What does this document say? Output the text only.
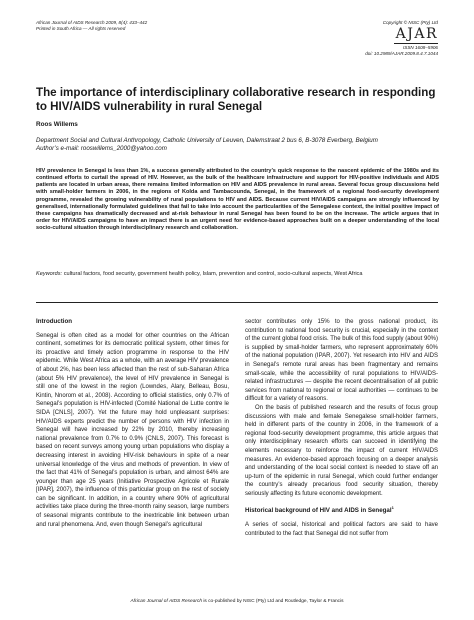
African Journal of AIDS Research 2009, 8(4): 433–442
Printed in South Africa — All rights reserved
Copyright © NISC (Pty) Ltd
AJAR
ISSN 1608–5906
doi: 10.2989/AJAR.2009.8.4.7.1044
The importance of interdisciplinary collaborative research in responding to HIV/AIDS vulnerability in rural Senegal
Roos Willems
Department Social and Cultural Anthropology, Catholic University of Leuven, Dalemstraat 2 bus 6, B-3078 Everberg, Belgium
Author’s e-mail: rooswillems_2000@yahoo.com
HIV prevalence in Senegal is less than 1%, a success generally attributed to the country’s quick response to the nascent epidemic of the 1980s and its continued efforts to curtail the spread of HIV. However, as the bulk of the healthcare infrastructure and support for HIV-positive individuals and AIDS patients are located in urban areas, there remains limited information on HIV and AIDS prevalence in rural areas. Several focus group discussions held with small-holder farmers in 2006, in the regions of Kolda and Tambacounda, Senegal, in the framework of a regional food-security development programme, revealed the growing vulnerability of rural populations to HIV and AIDS. Because current HIV/AIDS campaigns are strongly influenced by generalised, internationally formulated guidelines that fail to take into account the particularities of the Senegalese context, the initial positive impact of these campaigns has dramatically decreased and at-risk behaviour in rural Senegal has been found to be on the increase. The article argues that in order for HIV/AIDS campaigns to have an impact there is an urgent need for evidence-based approaches built on a deeper understanding of the local socio-cultural situation through interdisciplinary research and collaboration.
Keywords: cultural factors, food security, government health policy, Islam, prevention and control, socio-cultural aspects, West Africa
Introduction

Senegal is often cited as a model for other countries on the African continent, sometimes for its democratic political system, other times for its proactive and timely action programme in response to the HIV epidemic. While West Africa as a whole, with an average HIV prevalence of about 2%, has been less affected than the rest of sub-Saharan Africa (about 5% HIV prevalence), the level of HIV prevalence in Senegal is still one of the lowest in the region (Lowndes, Alary, Belleau, Bosu, Kintin, Nnorom et al., 2008). According to official statistics, only 0.7% of Senegal’s population is HIV-infected (Comité National de Lutte contre le SIDA [CNLS], 2007). Yet the future may hold unpleasant surprises: HIV/AIDS experts predict the number of persons with HIV infection in Senegal will have increased by 22% by 2010, thereby increasing national prevalence from 0.7% to 0.9% (CNLS, 2007). This forecast is based on recent surveys among young urban populations who display a decreasing interest in avoiding HIV-risk behaviours in spite of a near universal knowledge of the virus and methods of prevention. In view of the fact that 41% of Senegal’s population is urban, and almost 64% are younger than age 25 years (Initiative Prospective Agricole et Rurale [IPAR], 2007), the influence of this particular group on the rest of society can be significant. In addition, in a country where 90% of agricultural activities take place during the three-month rainy season, large numbers of seasonal migrants contribute to the inextricable link between urban and rural phenomena. And, even though Senegal’s agricultural

sector contributes only 15% to the gross national product, its contribution to national food security is crucial, especially in the context of the current global food crisis. The bulk of this food supply (about 90%) is supplied by small-holder farmers, who represent approximately 60% of the national population (IPAR, 2007). Yet research into HIV and AIDS in Senegal’s remote rural areas has been fragmentary and remains small-scale, while the accessibility of rural populations to HIV/AIDS-related infrastructures — despite the recent decentralisation of all public services from national to regional or local authorities — continues to be difficult for a variety of reasons.

On the basis of published research and the results of focus group discussions with male and female Senegalese small-holder farmers, held in different parts of the country in 2006, in the framework of a regional food-security development programme, this article argues that only interdisciplinary research efforts can succeed in identifying the elements necessary to reinforce the impact of current HIV/AIDS measures. An evidence-based approach focusing on a deeper analysis and understanding of the local social context is needed to stave off an up-turn of the epidemic in rural Senegal, which could further endanger the country’s already precarious food security situation, thereby seriously affecting its future economic development.

Historical background of HIV and AIDS in Senegal$^1$

A series of social, historical and political factors are said to have contributed to the fact that Senegal did not suffer from

African Journal of AIDS Research is co-published by NISC (Pty) Ltd and Routledge, Taylor & Francis
